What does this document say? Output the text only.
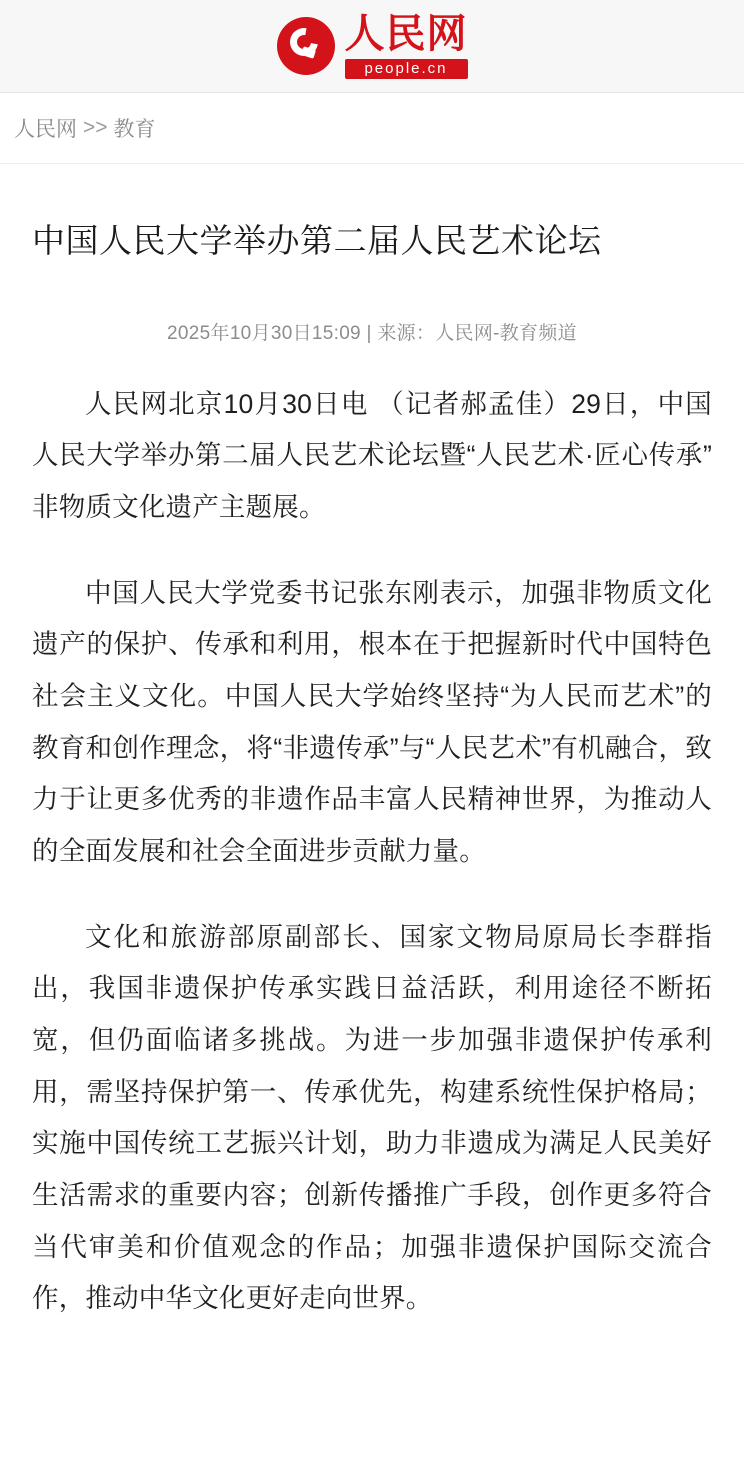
人民网
people.cn
人民网 >> 教育
中国人民大学举办第二届人民艺术论坛
2025年10月30日15:09 | 来源：人民网-教育频道

人民网北京10月30日电 （记者郝孟佳）29日，中国人民大学举办第二届人民艺术论坛暨“人民艺术·匠心传承”非物质文化遗产主题展。

中国人民大学党委书记张东刚表示，加强非物质文化遗产的保护、传承和利用，根本在于把握新时代中国特色社会主义文化。中国人民大学始终坚持“为人民而艺术”的教育和创作理念，将“非遗传承”与“人民艺术”有机融合，致力于让更多优秀的非遗作品丰富人民精神世界，为推动人的全面发展和社会全面进步贡献力量。

文化和旅游部原副部长、国家文物局原局长李群指出，我国非遗保护传承实践日益活跃，利用途径不断拓宽，但仍面临诸多挑战。为进一步加强非遗保护传承利用，需坚持保护第一、传承优先，构建系统性保护格局；实施中国传统工艺振兴计划，助力非遗成为满足人民美好生活需求的重要内容；创新传播推广手段，创作更多符合当代审美和价值观念的作品；加强非遗保护国际交流合作，推动中华文化更好走向世界。
